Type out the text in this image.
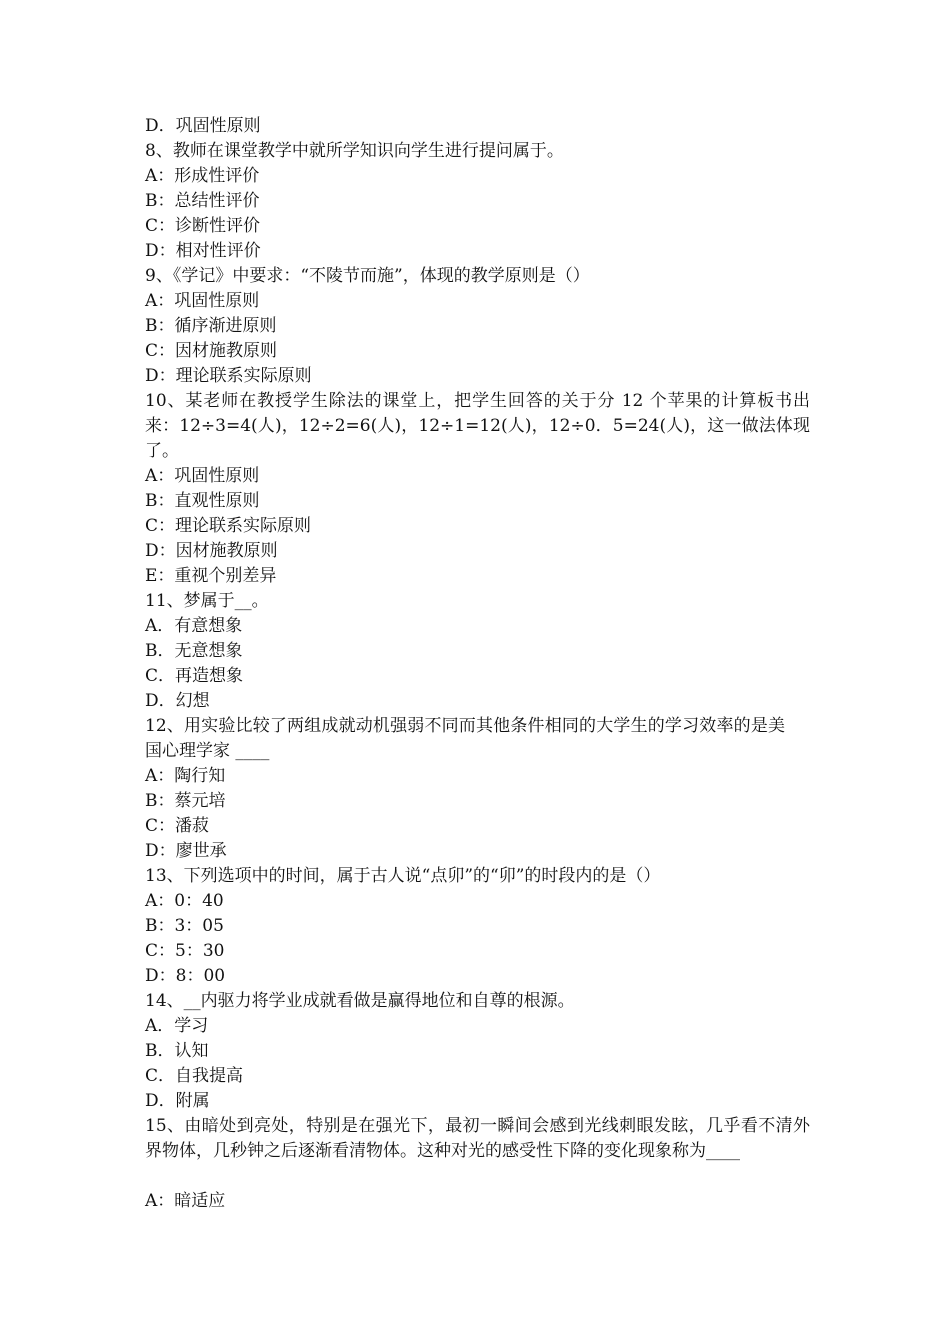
D．巩固性原则
8、教师在课堂教学中就所学知识向学生进行提问属于。
A：形成性评价
B：总结性评价
C：诊断性评价
D：相对性评价
9、《学记》中要求：“不陵节而施”，体现的教学原则是（）
A：巩固性原则
B：循序渐进原则
C：因材施教原则
D：理论联系实际原则
10、某老师在教授学生除法的课堂上，把学生回答的关于分 12 个苹果的计算板书出来：12÷3=4(人)，12÷2=6(人)，12÷1=12(人)，12÷0．5=24(人)，这一做法体现了。
A：巩固性原则
B：直观性原则
C：理论联系实际原则
D：因材施教原则
E：重视个别差异
11、梦属于__。
A．有意想象
B．无意想象
C．再造想象
D．幻想
12、用实验比较了两组成就动机强弱不同而其他条件相同的大学生的学习效率的是美国心理学家 ____
A：陶行知
B：蔡元培
C：潘菽
D：廖世承
13、下列选项中的时间，属于古人说“点卯”的“卯”的时段内的是（）
A：0：40
B：3：05
C：5：30
D：8：00
14、__内驱力将学业成就看做是赢得地位和自尊的根源。
A．学习
B．认知
C．自我提高
D．附属
15、由暗处到亮处，特别是在强光下，最初一瞬间会感到光线刺眼发眩，几乎看不清外界物体，几秒钟之后逐渐看清物体。这种对光的感受性下降的变化现象称为____
A：暗适应
